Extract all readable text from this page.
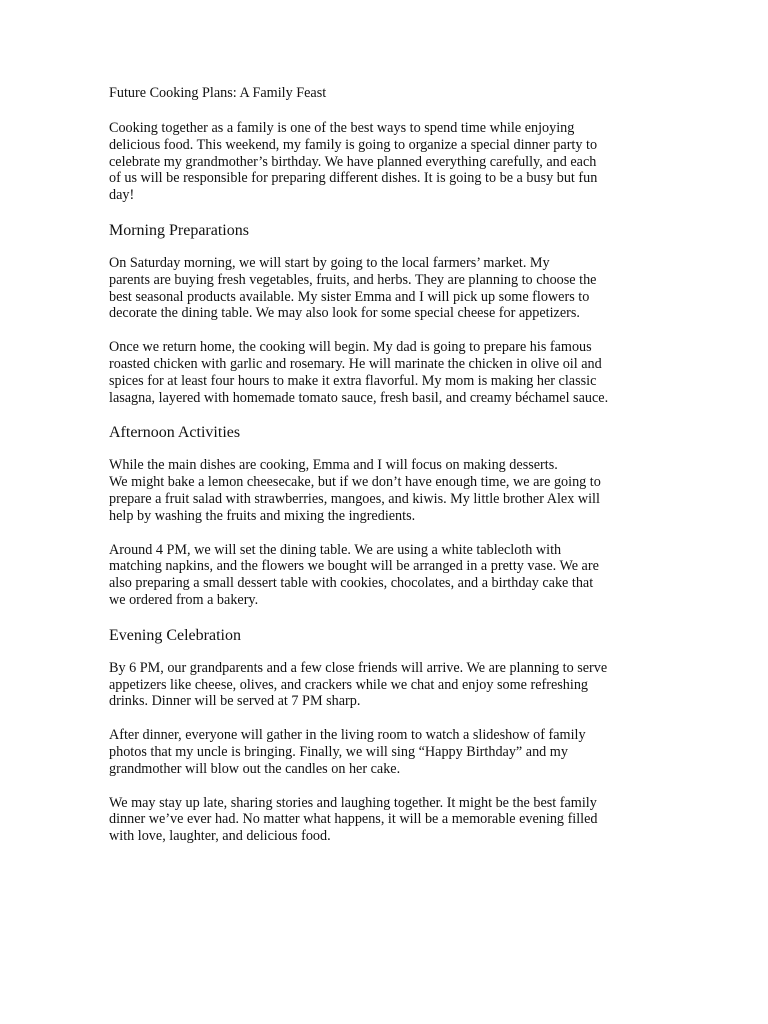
Future Cooking Plans: A Family Feast
Cooking together as a family is one of the best ways to spend time while enjoying
delicious food. This weekend, my family is going to organize a special dinner party to
celebrate my grandmother’s birthday. We have planned everything carefully, and each
of us will be responsible for preparing different dishes. It is going to be a busy but fun
day!
Morning Preparations
On Saturday morning, we will start by going to the local farmers’ market. My
parents are buying fresh vegetables, fruits, and herbs. They are planning to choose the
best seasonal products available. My sister Emma and I will pick up some flowers to
decorate the dining table. We may also look for some special cheese for appetizers.
Once we return home, the cooking will begin. My dad is going to prepare his famous
roasted chicken with garlic and rosemary. He will marinate the chicken in olive oil and
spices for at least four hours to make it extra flavorful. My mom is making her classic
lasagna, layered with homemade tomato sauce, fresh basil, and creamy béchamel sauce.
Afternoon Activities
While the main dishes are cooking, Emma and I will focus on making desserts.
We might bake a lemon cheesecake, but if we don’t have enough time, we are going to
prepare a fruit salad with strawberries, mangoes, and kiwis. My little brother Alex will
help by washing the fruits and mixing the ingredients.
Around 4 PM, we will set the dining table. We are using a white tablecloth with
matching napkins, and the flowers we bought will be arranged in a pretty vase. We are
also preparing a small dessert table with cookies, chocolates, and a birthday cake that
we ordered from a bakery.
Evening Celebration
By 6 PM, our grandparents and a few close friends will arrive. We are planning to serve
appetizers like cheese, olives, and crackers while we chat and enjoy some refreshing
drinks. Dinner will be served at 7 PM sharp.
After dinner, everyone will gather in the living room to watch a slideshow of family
photos that my uncle is bringing. Finally, we will sing “Happy Birthday” and my
grandmother will blow out the candles on her cake.
We may stay up late, sharing stories and laughing together. It might be the best family
dinner we’ve ever had. No matter what happens, it will be a memorable evening filled
with love, laughter, and delicious food.
